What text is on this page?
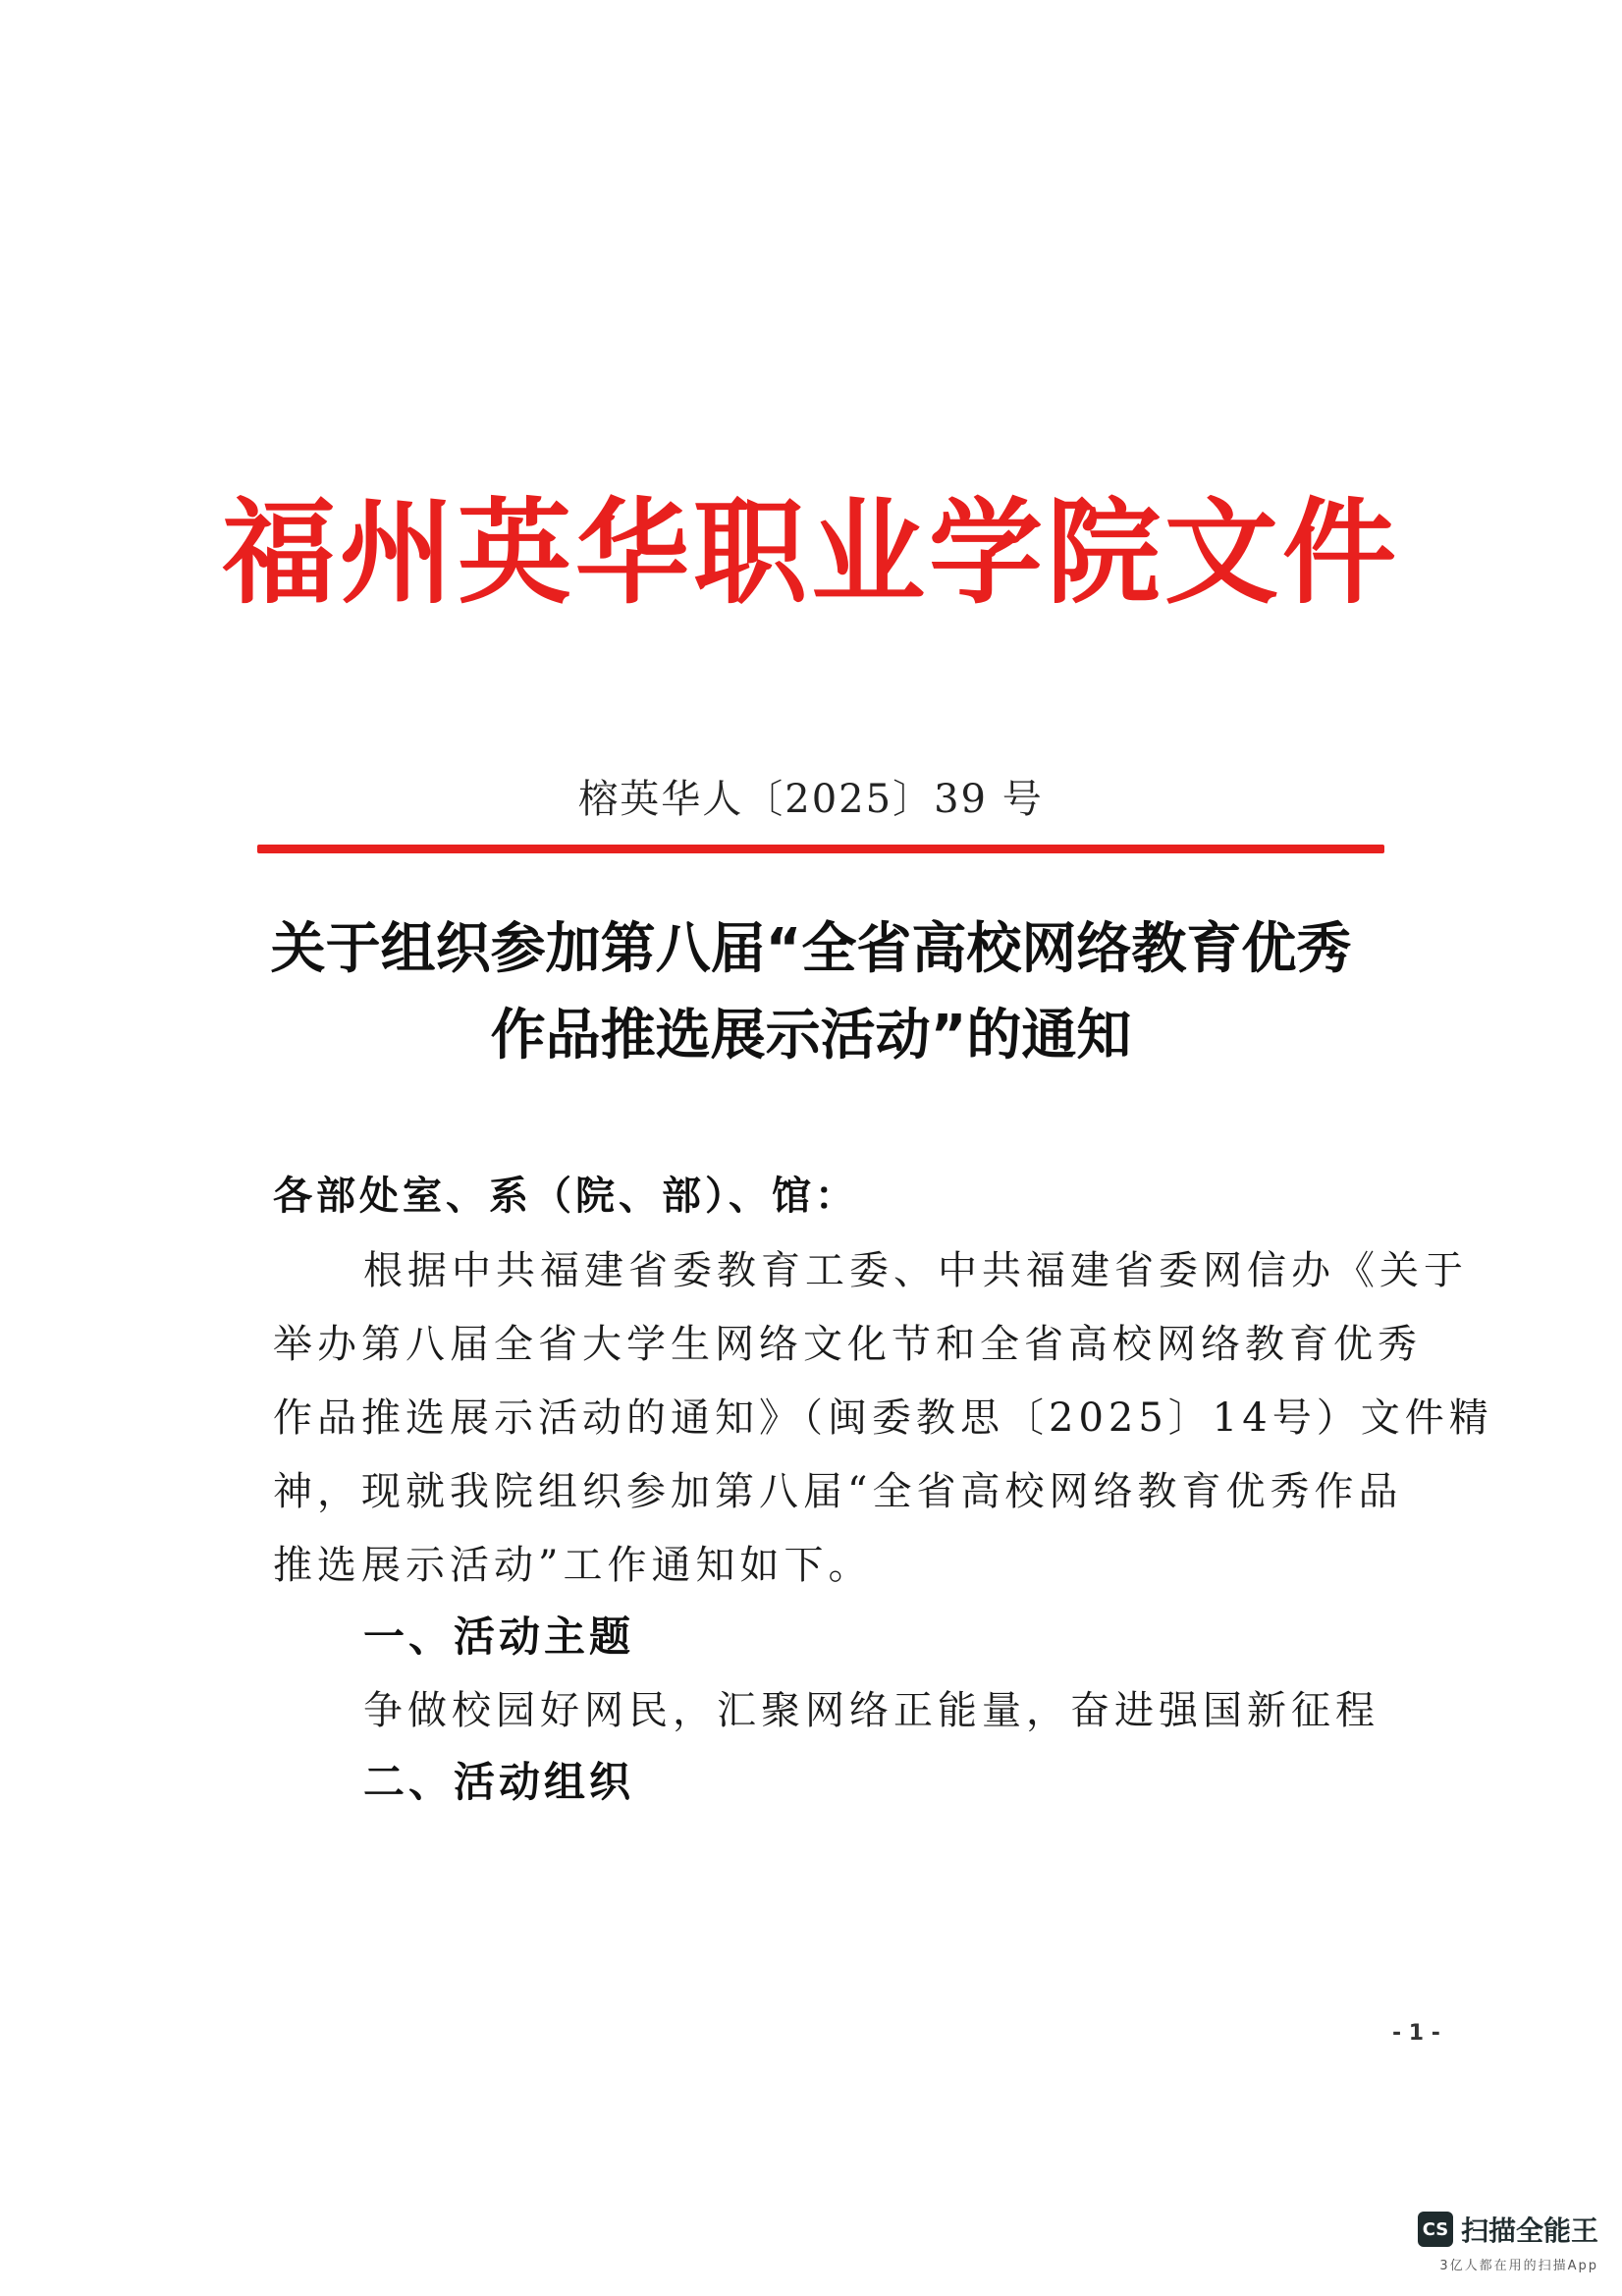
福州英华职业学院文件
榕英华人〔2025〕39 号
关于组织参加第八届“全省高校网络教育优秀
作品推选展示活动”的通知
各部处室、系（院、部）、馆：
根据中共福建省委教育工委、中共福建省委网信办《关于
举办第八届全省大学生网络文化节和全省高校网络教育优秀
作品推选展示活动的通知》（闽委教思〔2025〕14号）文件精
神，现就我院组织参加第八届“全省高校网络教育优秀作品
推选展示活动”工作通知如下。
一、活动主题
争做校园好网民，汇聚网络正能量，奋进强国新征程
二、活动组织
- 1 -
CS 扫描全能王
3亿人都在用的扫描App
